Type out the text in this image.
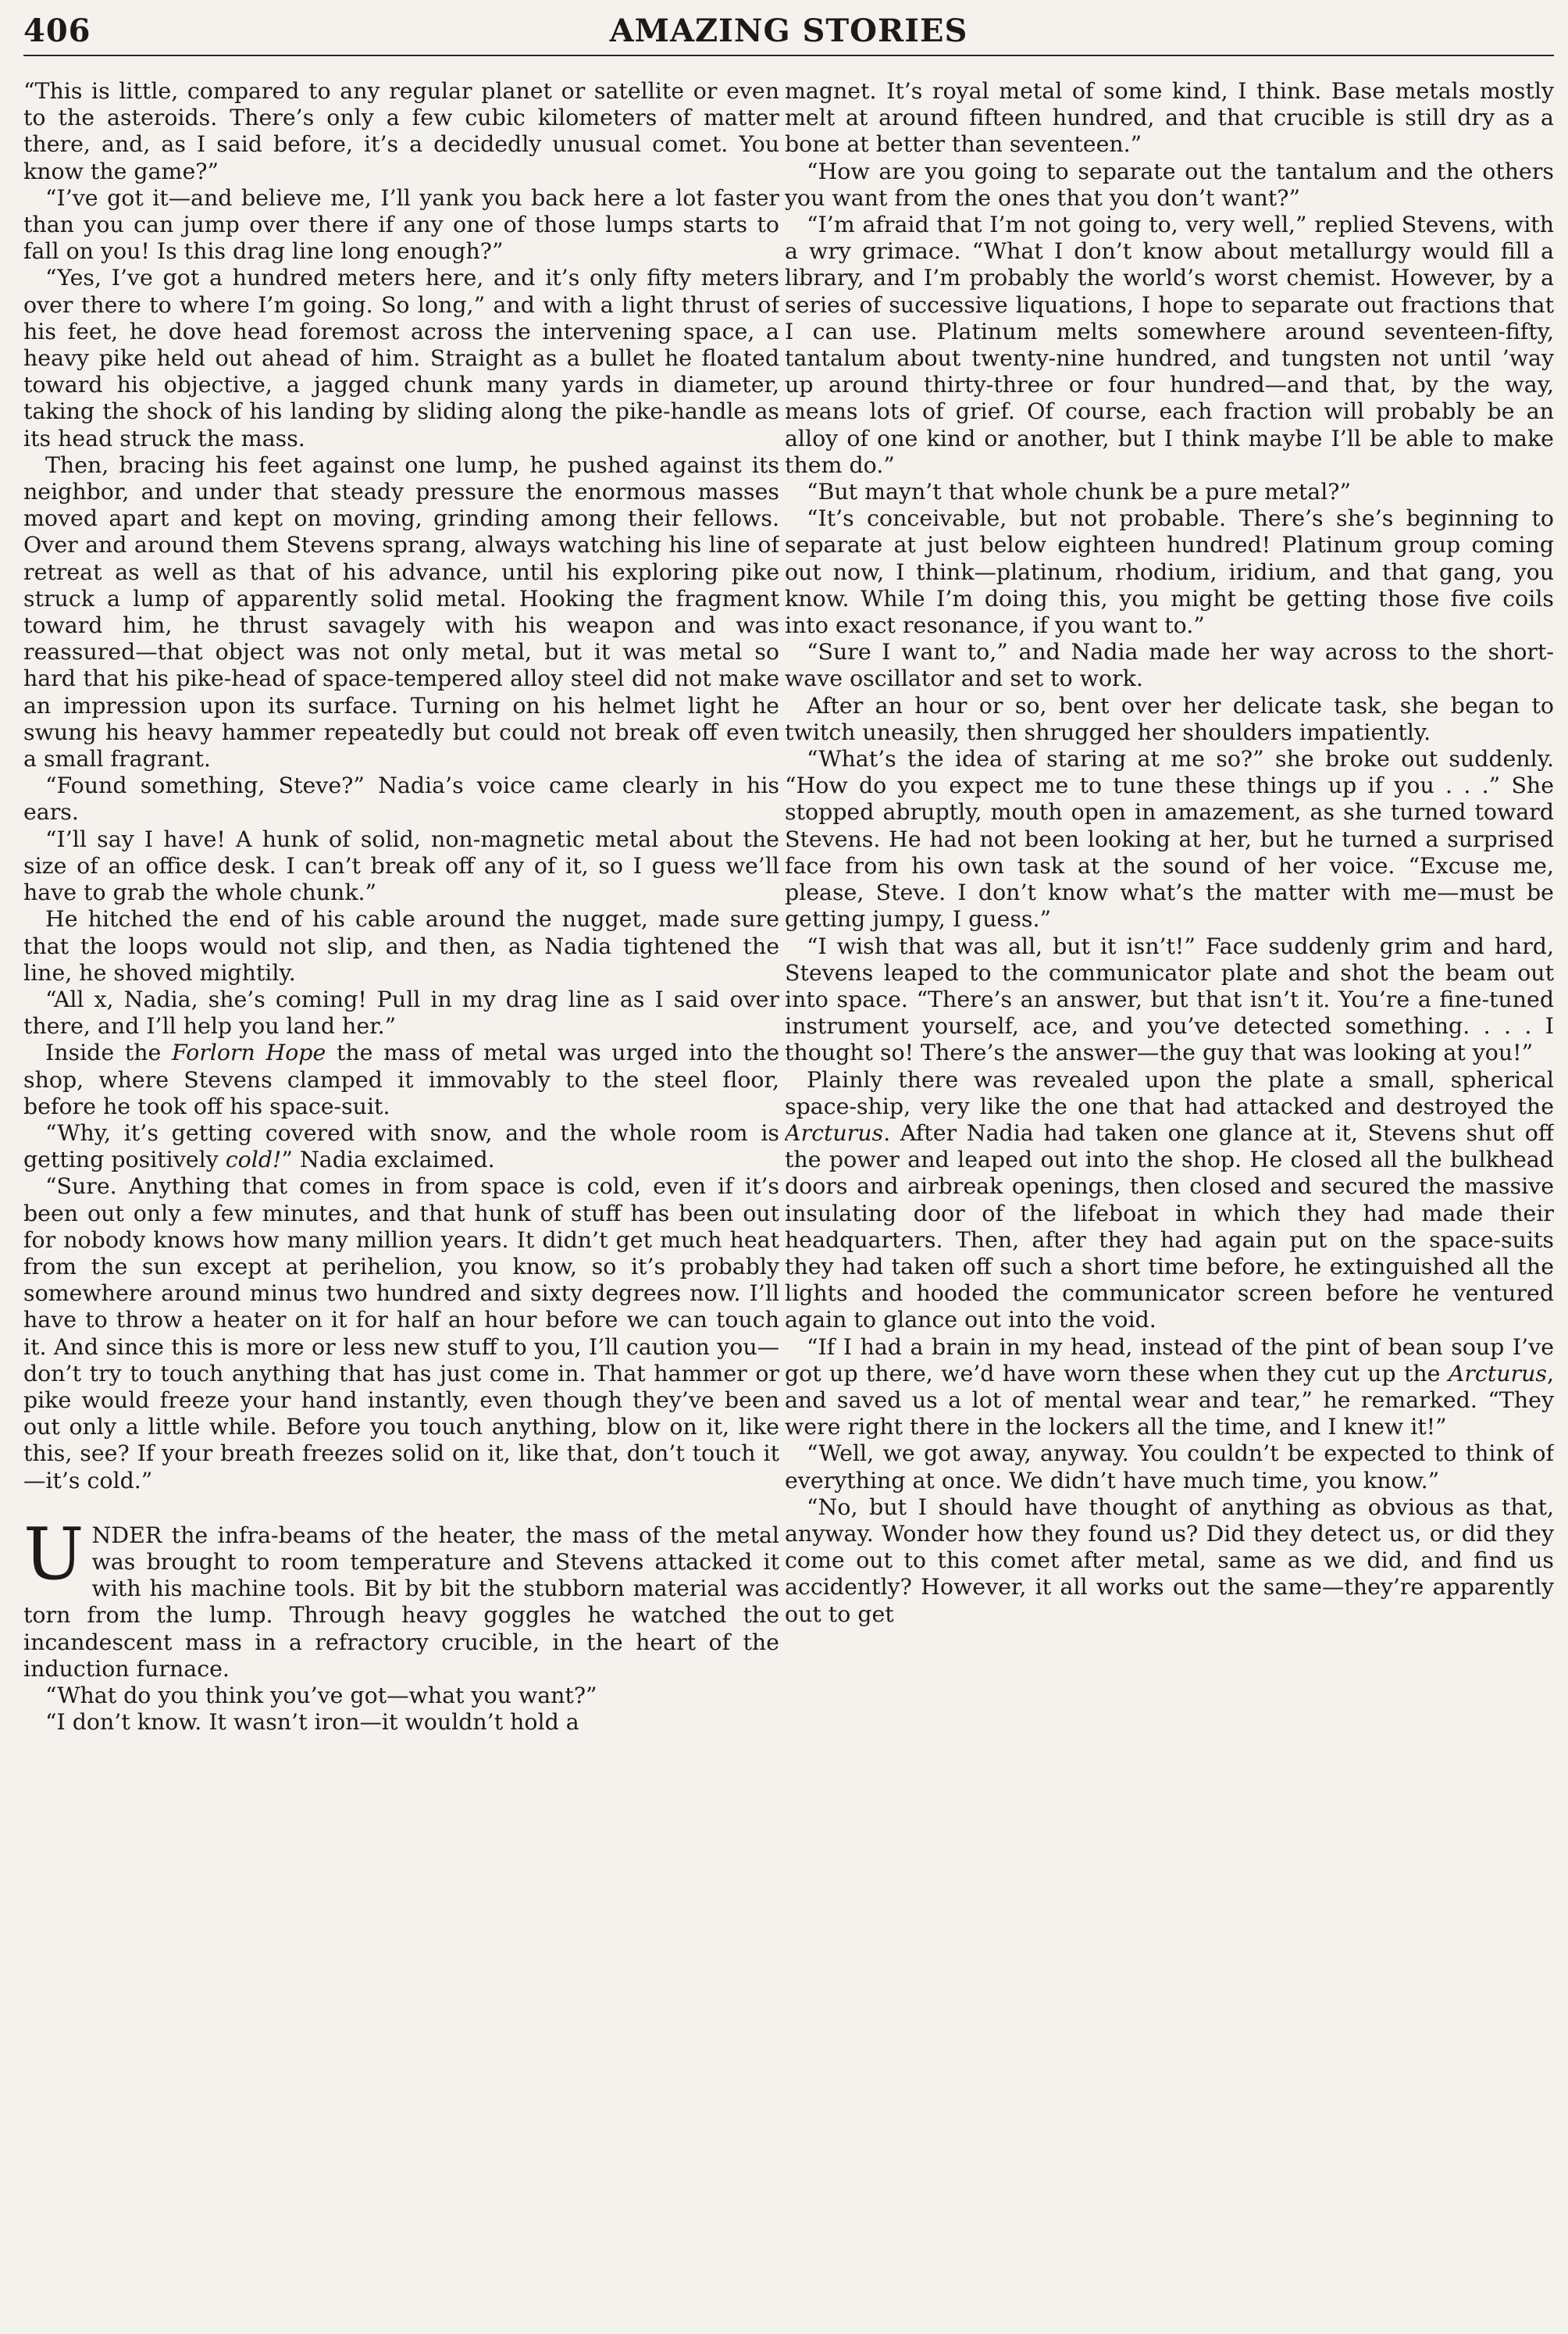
406	AMAZING STORIES

“This is little, compared to any regular planet or satellite or even to the asteroids. There’s only a few cubic kilometers of matter there, and, as I said before, it’s a decidedly unusual comet. You know the game?”

“I’ve got it—and believe me, I’ll yank you back here a lot faster than you can jump over there if any one of those lumps starts to fall on you! Is this drag line long enough?”

“Yes, I’ve got a hundred meters here, and it’s only fifty meters over there to where I’m going. So long,” and with a light thrust of his feet, he dove head foremost across the intervening space, a heavy pike held out ahead of him. Straight as a bullet he floated toward his objective, a jagged chunk many yards in diameter, taking the shock of his landing by sliding along the pike-handle as its head struck the mass.

Then, bracing his feet against one lump, he pushed against its neighbor, and under that steady pressure the enormous masses moved apart and kept on moving, grinding among their fellows. Over and around them Stevens sprang, always watching his line of retreat as well as that of his advance, until his exploring pike struck a lump of apparently solid metal. Hooking the fragment toward him, he thrust savagely with his weapon and was reassured—that object was not only metal, but it was metal so hard that his pike-head of space-tempered alloy steel did not make an impression upon its surface. Turning on his helmet light he swung his heavy hammer repeatedly but could not break off even a small fragrant.

“Found something, Steve?” Nadia’s voice came clearly in his ears.

“I’ll say I have! A hunk of solid, non-magnetic metal about the size of an office desk. I can’t break off any of it, so I guess we’ll have to grab the whole chunk.”

He hitched the end of his cable around the nugget, made sure that the loops would not slip, and then, as Nadia tightened the line, he shoved mightily.

“All x, Nadia, she’s coming! Pull in my drag line as I said over there, and I’ll help you land her.”

Inside the Forlorn Hope the mass of metal was urged into the shop, where Stevens clamped it immovably to the steel floor, before he took off his space-suit.

“Why, it’s getting covered with snow, and the whole room is getting positively cold!” Nadia exclaimed.

“Sure. Anything that comes in from space is cold, even if it’s been out only a few minutes, and that hunk of stuff has been out for nobody knows how many million years. It didn’t get much heat from the sun except at perihelion, you know, so it’s probably somewhere around minus two hundred and sixty degrees now. I’ll have to throw a heater on it for half an hour before we can touch it. And since this is more or less new stuff to you, I’ll caution you—don’t try to touch anything that has just come in. That hammer or pike would freeze your hand instantly, even though they’ve been out only a little while. Before you touch anything, blow on it, like this, see? If your breath freezes solid on it, like that, don’t touch it—it’s cold.”

UNDER the infra-beams of the heater, the mass of the metal was brought to room temperature and Stevens attacked it with his machine tools. Bit by bit the stubborn material was torn from the lump. Through heavy goggles he watched the incandescent mass in a refractory crucible, in the heart of the induction furnace.

“What do you think you’ve got—what you want?”

“I don’t know. It wasn’t iron—it wouldn’t hold a

magnet. It’s royal metal of some kind, I think. Base metals mostly melt at around fifteen hundred, and that crucible is still dry as a bone at better than seventeen.”

“How are you going to separate out the tantalum and the others you want from the ones that you don’t want?”

“I’m afraid that I’m not going to, very well,” replied Stevens, with a wry grimace. “What I don’t know about metallurgy would fill a library, and I’m probably the world’s worst chemist. However, by a series of successive liquations, I hope to separate out fractions that I can use. Platinum melts somewhere around seventeen-fifty, tantalum about twenty-nine hundred, and tungsten not until ’way up around thirty-three or four hundred—and that, by the way, means lots of grief. Of course, each fraction will probably be an alloy of one kind or another, but I think maybe I’ll be able to make them do.”

“But mayn’t that whole chunk be a pure metal?”

“It’s conceivable, but not probable. There’s she’s beginning to separate at just below eighteen hundred! Platinum group coming out now, I think—platinum, rhodium, iridium, and that gang, you know. While I’m doing this, you might be getting those five coils into exact resonance, if you want to.”

“Sure I want to,” and Nadia made her way across to the short-wave oscillator and set to work.

After an hour or so, bent over her delicate task, she began to twitch uneasily, then shrugged her shoulders impatiently.

“What’s the idea of staring at me so?” she broke out suddenly. “How do you expect me to tune these things up if you . . .” She stopped abruptly, mouth open in amazement, as she turned toward Stevens. He had not been looking at her, but he turned a surprised face from his own task at the sound of her voice. “Excuse me, please, Steve. I don’t know what’s the matter with me—must be getting jumpy, I guess.”

“I wish that was all, but it isn’t!” Face suddenly grim and hard, Stevens leaped to the communicator plate and shot the beam out into space. “There’s an answer, but that isn’t it. You’re a fine-tuned instrument yourself, ace, and you’ve detected something. . . . I thought so! There’s the answer—the guy that was looking at you!”

Plainly there was revealed upon the plate a small, spherical space-ship, very like the one that had attacked and destroyed the Arcturus. After Nadia had taken one glance at it, Stevens shut off the power and leaped out into the shop. He closed all the bulkhead doors and airbreak openings, then closed and secured the massive insulating door of the lifeboat in which they had made their headquarters. Then, after they had again put on the space-suits they had taken off such a short time before, he extinguished all the lights and hooded the communicator screen before he ventured again to glance out into the void.

“If I had a brain in my head, instead of the pint of bean soup I’ve got up there, we’d have worn these when they cut up the Arcturus, and saved us a lot of mental wear and tear,” he remarked. “They were right there in the lockers all the time, and I knew it!”

“Well, we got away, anyway. You couldn’t be expected to think of everything at once. We didn’t have much time, you know.”

“No, but I should have thought of anything as obvious as that, anyway. Wonder how they found us? Did they detect us, or did they come out to this comet after metal, same as we did, and find us accidently? However, it all works out the same—they’re apparently out to get
